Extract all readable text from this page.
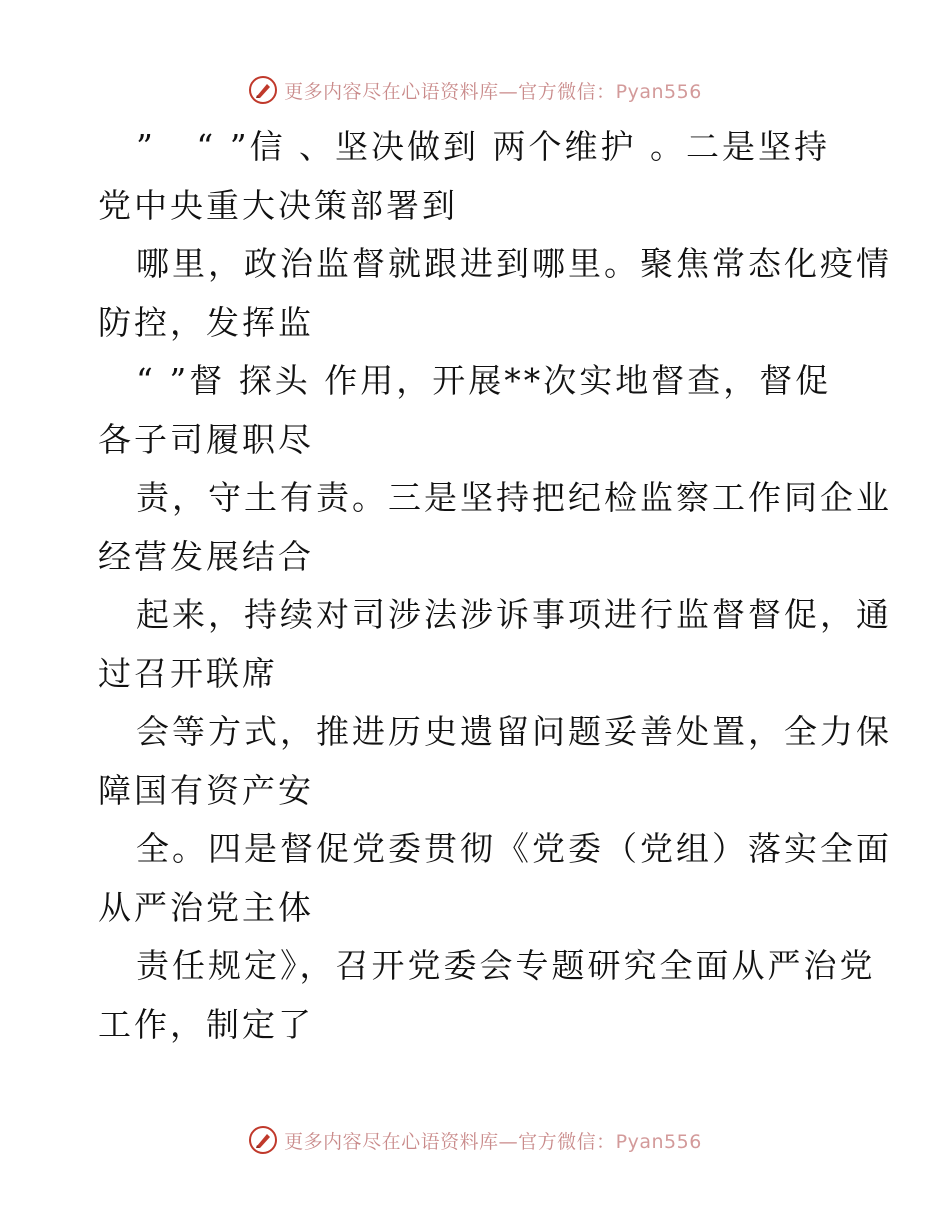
更多内容尽在心语资料库—官方微信：Pyan556
”   “ ”信 、坚决做到 两个维护 。二是坚持
党中央重大决策部署到
哪里，政治监督就跟进到哪里。聚焦常态化疫情
防控，发挥监
“ ”督 探头 作用，开展**次实地督查，督促
各子司履职尽
责，守土有责。三是坚持把纪检监察工作同企业
经营发展结合
起来，持续对司涉法涉诉事项进行监督督促，通
过召开联席
会等方式，推进历史遗留问题妥善处置，全力保
障国有资产安
全。四是督促党委贯彻《党委（党组）落实全面
从严治党主体
责任规定》，召开党委会专题研究全面从严治党
工作，制定了
更多内容尽在心语资料库—官方微信：Pyan556
